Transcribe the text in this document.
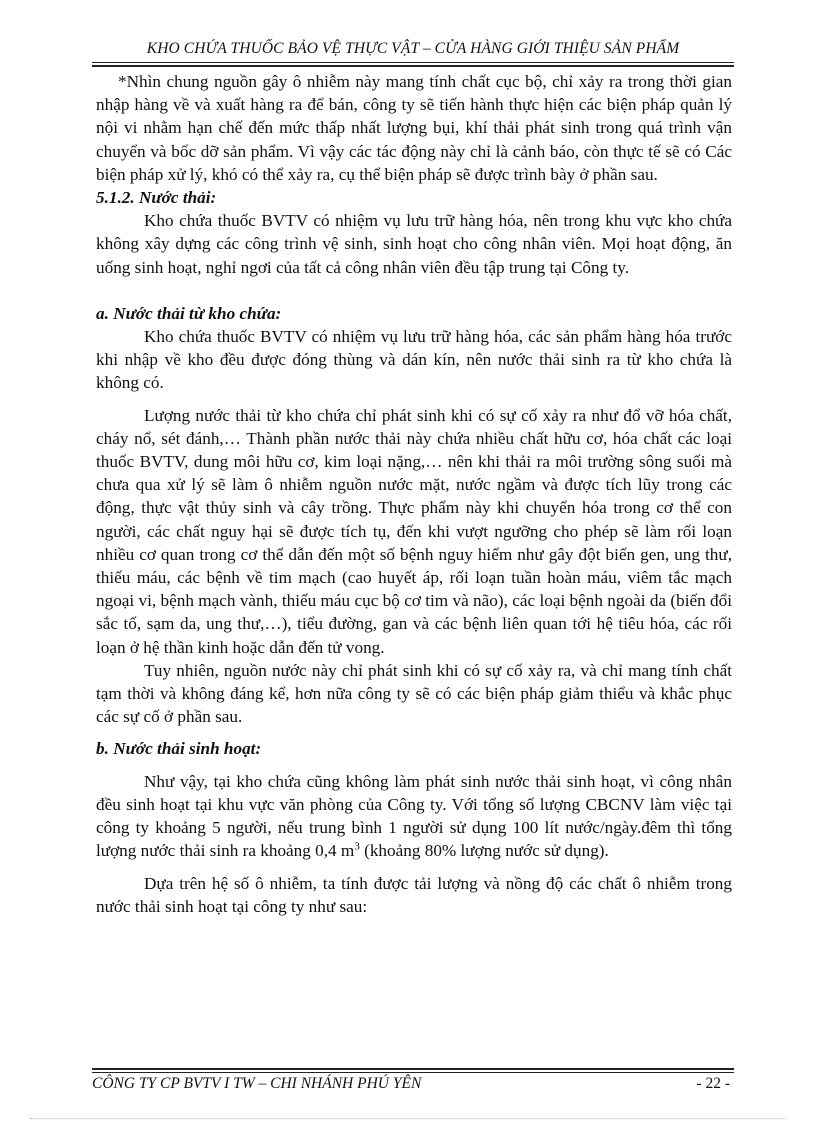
KHO CHỨA THUỐC BẢO VỆ THỰC VẬT – CỬA HÀNG GIỚI THIỆU SẢN PHẨM

*Nhìn chung nguồn gây ô nhiễm này mang tính chất cục bộ, chỉ xảy ra trong thời gian nhập hàng về và xuất hàng ra để bán, công ty sẽ tiến hành thực hiện các biện pháp quản lý nội vi nhằm hạn chế đến mức thấp nhất lượng bụi, khí thải phát sinh trong quá trình vận chuyển và bốc dỡ sản phẩm. Vì vậy các tác động này chỉ là cảnh báo, còn thực tế sẽ có Các biện pháp xử lý, khó có thể xảy ra, cụ thể biện pháp sẽ được trình bày ở phần sau.

5.1.2. Nước thải:

Kho chứa thuốc BVTV có nhiệm vụ lưu trữ hàng hóa, nên trong khu vực kho chứa không xây dựng các công trình vệ sinh, sinh hoạt cho công nhân viên. Mọi hoạt động, ăn uống sinh hoạt, nghỉ ngơi của tất cả công nhân viên đều tập trung tại Công ty.

a. Nước thải từ kho chứa:

Kho chứa thuốc BVTV có nhiệm vụ lưu trữ hàng hóa, các sản phẩm hàng hóa trước khi nhập về kho đều được đóng thùng và dán kín, nên nước thải sinh ra từ kho chứa là không có.

Lượng nước thải từ kho chứa chỉ phát sinh khi có sự cố xảy ra như đổ vỡ hóa chất, cháy nổ, sét đánh,… Thành phần nước thải này chứa nhiều chất hữu cơ, hóa chất các loại thuốc BVTV, dung môi hữu cơ, kim loại nặng,… nên khi thải ra môi trường sông suối mà chưa qua xử lý sẽ làm ô nhiễm nguồn nước mặt, nước ngầm và được tích lũy trong các động, thực vật thủy sinh và cây trồng. Thực phẩm này khi chuyển hóa trong cơ thể con người, các chất nguy hại sẽ được tích tụ, đến khi vượt ngưỡng cho phép sẽ làm rối loạn nhiều cơ quan trong cơ thể dẫn đến một số bệnh nguy hiểm như gây đột biến gen, ung thư, thiếu máu, các bệnh về tim mạch (cao huyết áp, rối loạn tuần hoàn máu, viêm tắc mạch ngoại vi, bệnh mạch vành, thiếu máu cục bộ cơ tim và não), các loại bệnh ngoài da (biến đổi sắc tố, sạm da, ung thư,…), tiểu đường, gan và các bệnh liên quan tới hệ tiêu hóa, các rối loạn ở hệ thần kinh hoặc dẫn đến tử vong.

Tuy nhiên, nguồn nước này chỉ phát sinh khi có sự cố xảy ra, và chỉ mang tính chất tạm thời và không đáng kể, hơn nữa công ty sẽ có các biện pháp giảm thiểu và khắc phục các sự cố ở phần sau.

b. Nước thải sinh hoạt:

Như vậy, tại kho chứa cũng không làm phát sinh nước thải sinh hoạt, vì công nhân đều sinh hoạt tại khu vực văn phòng của Công ty. Với tổng số lượng CBCNV làm việc tại công ty khoảng 5 người, nếu trung bình 1 người sử dụng 100 lít nước/ngày.đêm thì tổng lượng nước thải sinh ra khoảng 0,4 $m^3$ (khoảng 80% lượng nước sử dụng).

Dựa trên hệ số ô nhiễm, ta tính được tải lượng và nồng độ các chất ô nhiễm trong nước thải sinh hoạt tại công ty như sau:

CÔNG TY CP BVTV I TW – CHI NHÁNH PHÚ YÊN	- 22 -
